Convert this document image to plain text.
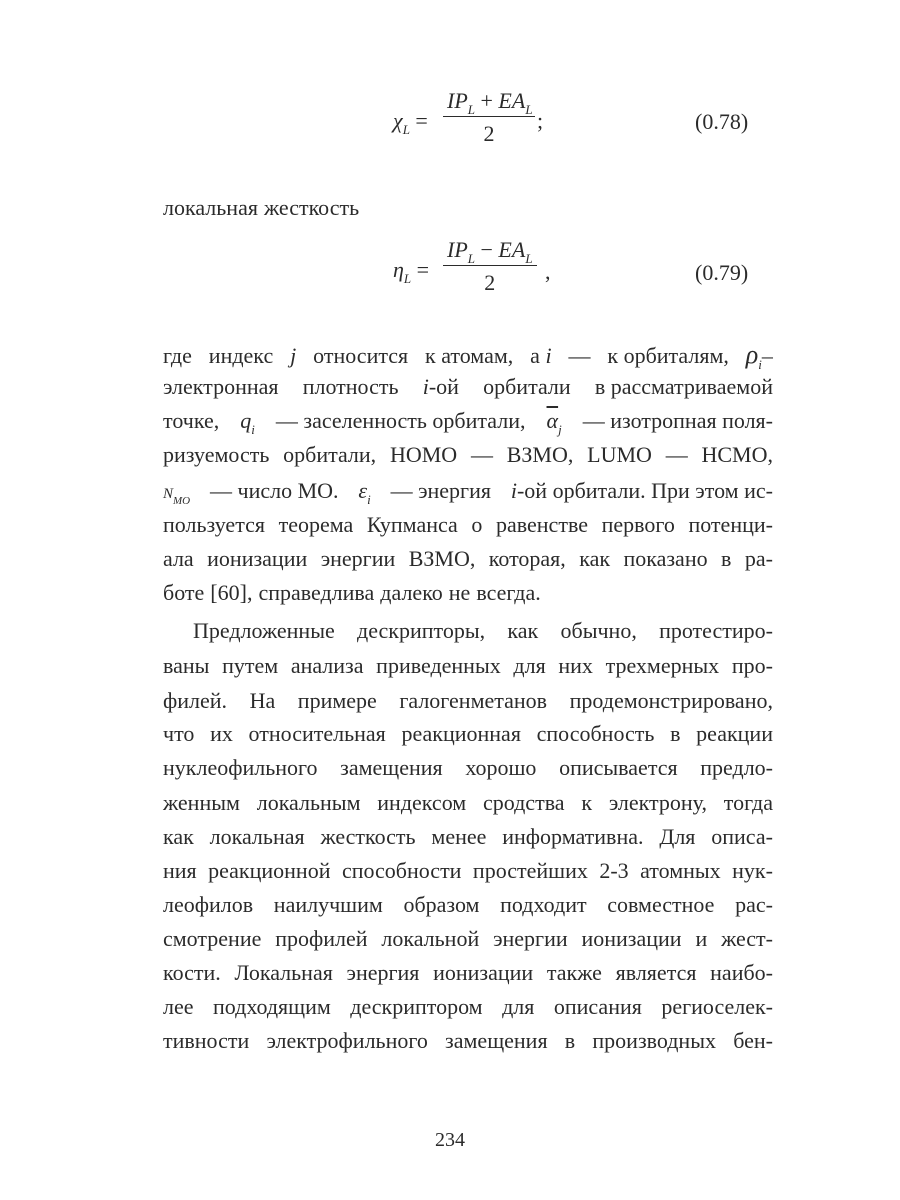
$\chi_L$ =
$IP_L + EA_L$
2
;	(0.78)
локальная жесткость
$\eta_L$ =
$IP_L - EA_L$
2	,	(0.79)
где индекс j относится к атомам, а i — к орбиталям, $\rho_i-$
электронная плотность i-ой орбитали в рассматриваемой
точке, $q_i$ — заселенность орбитали, $\overline{\alpha}_j$ — изотропная поля-
ризуемость орбитали, HOMO — ВЗМО, LUMO — НСМО,
$N_{MO}$ — число МО. $\varepsilon_i$ — энергия i-ой орбитали. При этом ис-
пользуется теорема Купманса о равенстве первого потенци-
ала ионизации энергии ВЗМО, которая, как показано в ра-
боте [60], справедлива далеко не всегда.
Предложенные дескрипторы, как обычно, протестиро-
ваны путем анализа приведенных для них трехмерных про-
филей. На примере галогенметанов продемонстрировано,
что их относительная реакционная способность в реакции
нуклеофильного замещения хорошо описывается предло-
женным локальным индексом сродства к электрону, тогда
как локальная жесткость менее информативна. Для описа-
ния реакционной способности простейших 2-3 атомных нук-
леофилов наилучшим образом подходит совместное рас-
смотрение профилей локальной энергии ионизации и жест-
кости. Локальная энергия ионизации также является наибо-
лее подходящим дескриптором для описания региоселек-
тивности электрофильного замещения в производных бен-
234
